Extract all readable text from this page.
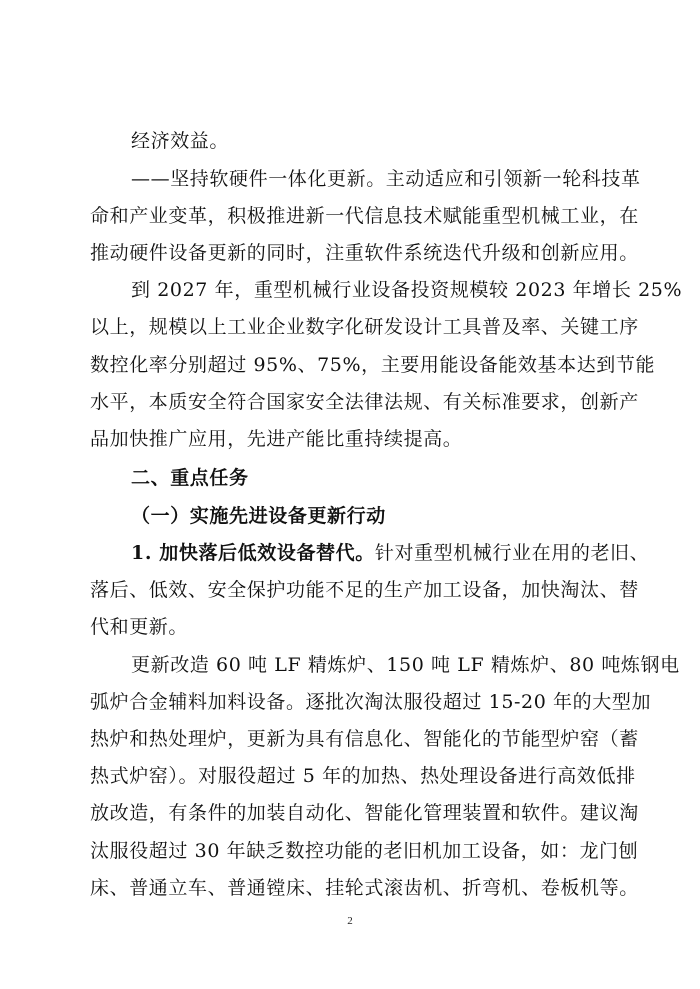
经济效益。
——坚持软硬件一体化更新。主动适应和引领新一轮科技革
命和产业变革，积极推进新一代信息技术赋能重型机械工业，在
推动硬件设备更新的同时，注重软件系统迭代升级和创新应用。
到 2027 年，重型机械行业设备投资规模较 2023 年增长 25%
以上，规模以上工业企业数字化研发设计工具普及率、关键工序
数控化率分别超过 95%、75%，主要用能设备能效基本达到节能
水平，本质安全符合国家安全法律法规、有关标准要求，创新产
品加快推广应用，先进产能比重持续提高。
二、重点任务
（一）实施先进设备更新行动
1. 加快落后低效设备替代。针对重型机械行业在用的老旧、
落后、低效、安全保护功能不足的生产加工设备，加快淘汰、替
代和更新。
更新改造 60 吨 LF 精炼炉、150 吨 LF 精炼炉、80 吨炼钢电
弧炉合金辅料加料设备。逐批次淘汰服役超过 15-20 年的大型加
热炉和热处理炉，更新为具有信息化、智能化的节能型炉窑（蓄
热式炉窑）。对服役超过 5 年的加热、热处理设备进行高效低排
放改造，有条件的加装自动化、智能化管理装置和软件。建议淘
汰服役超过 30 年缺乏数控功能的老旧机加工设备，如：龙门刨
床、普通立车、普通镗床、挂轮式滚齿机、折弯机、卷板机等。
2
